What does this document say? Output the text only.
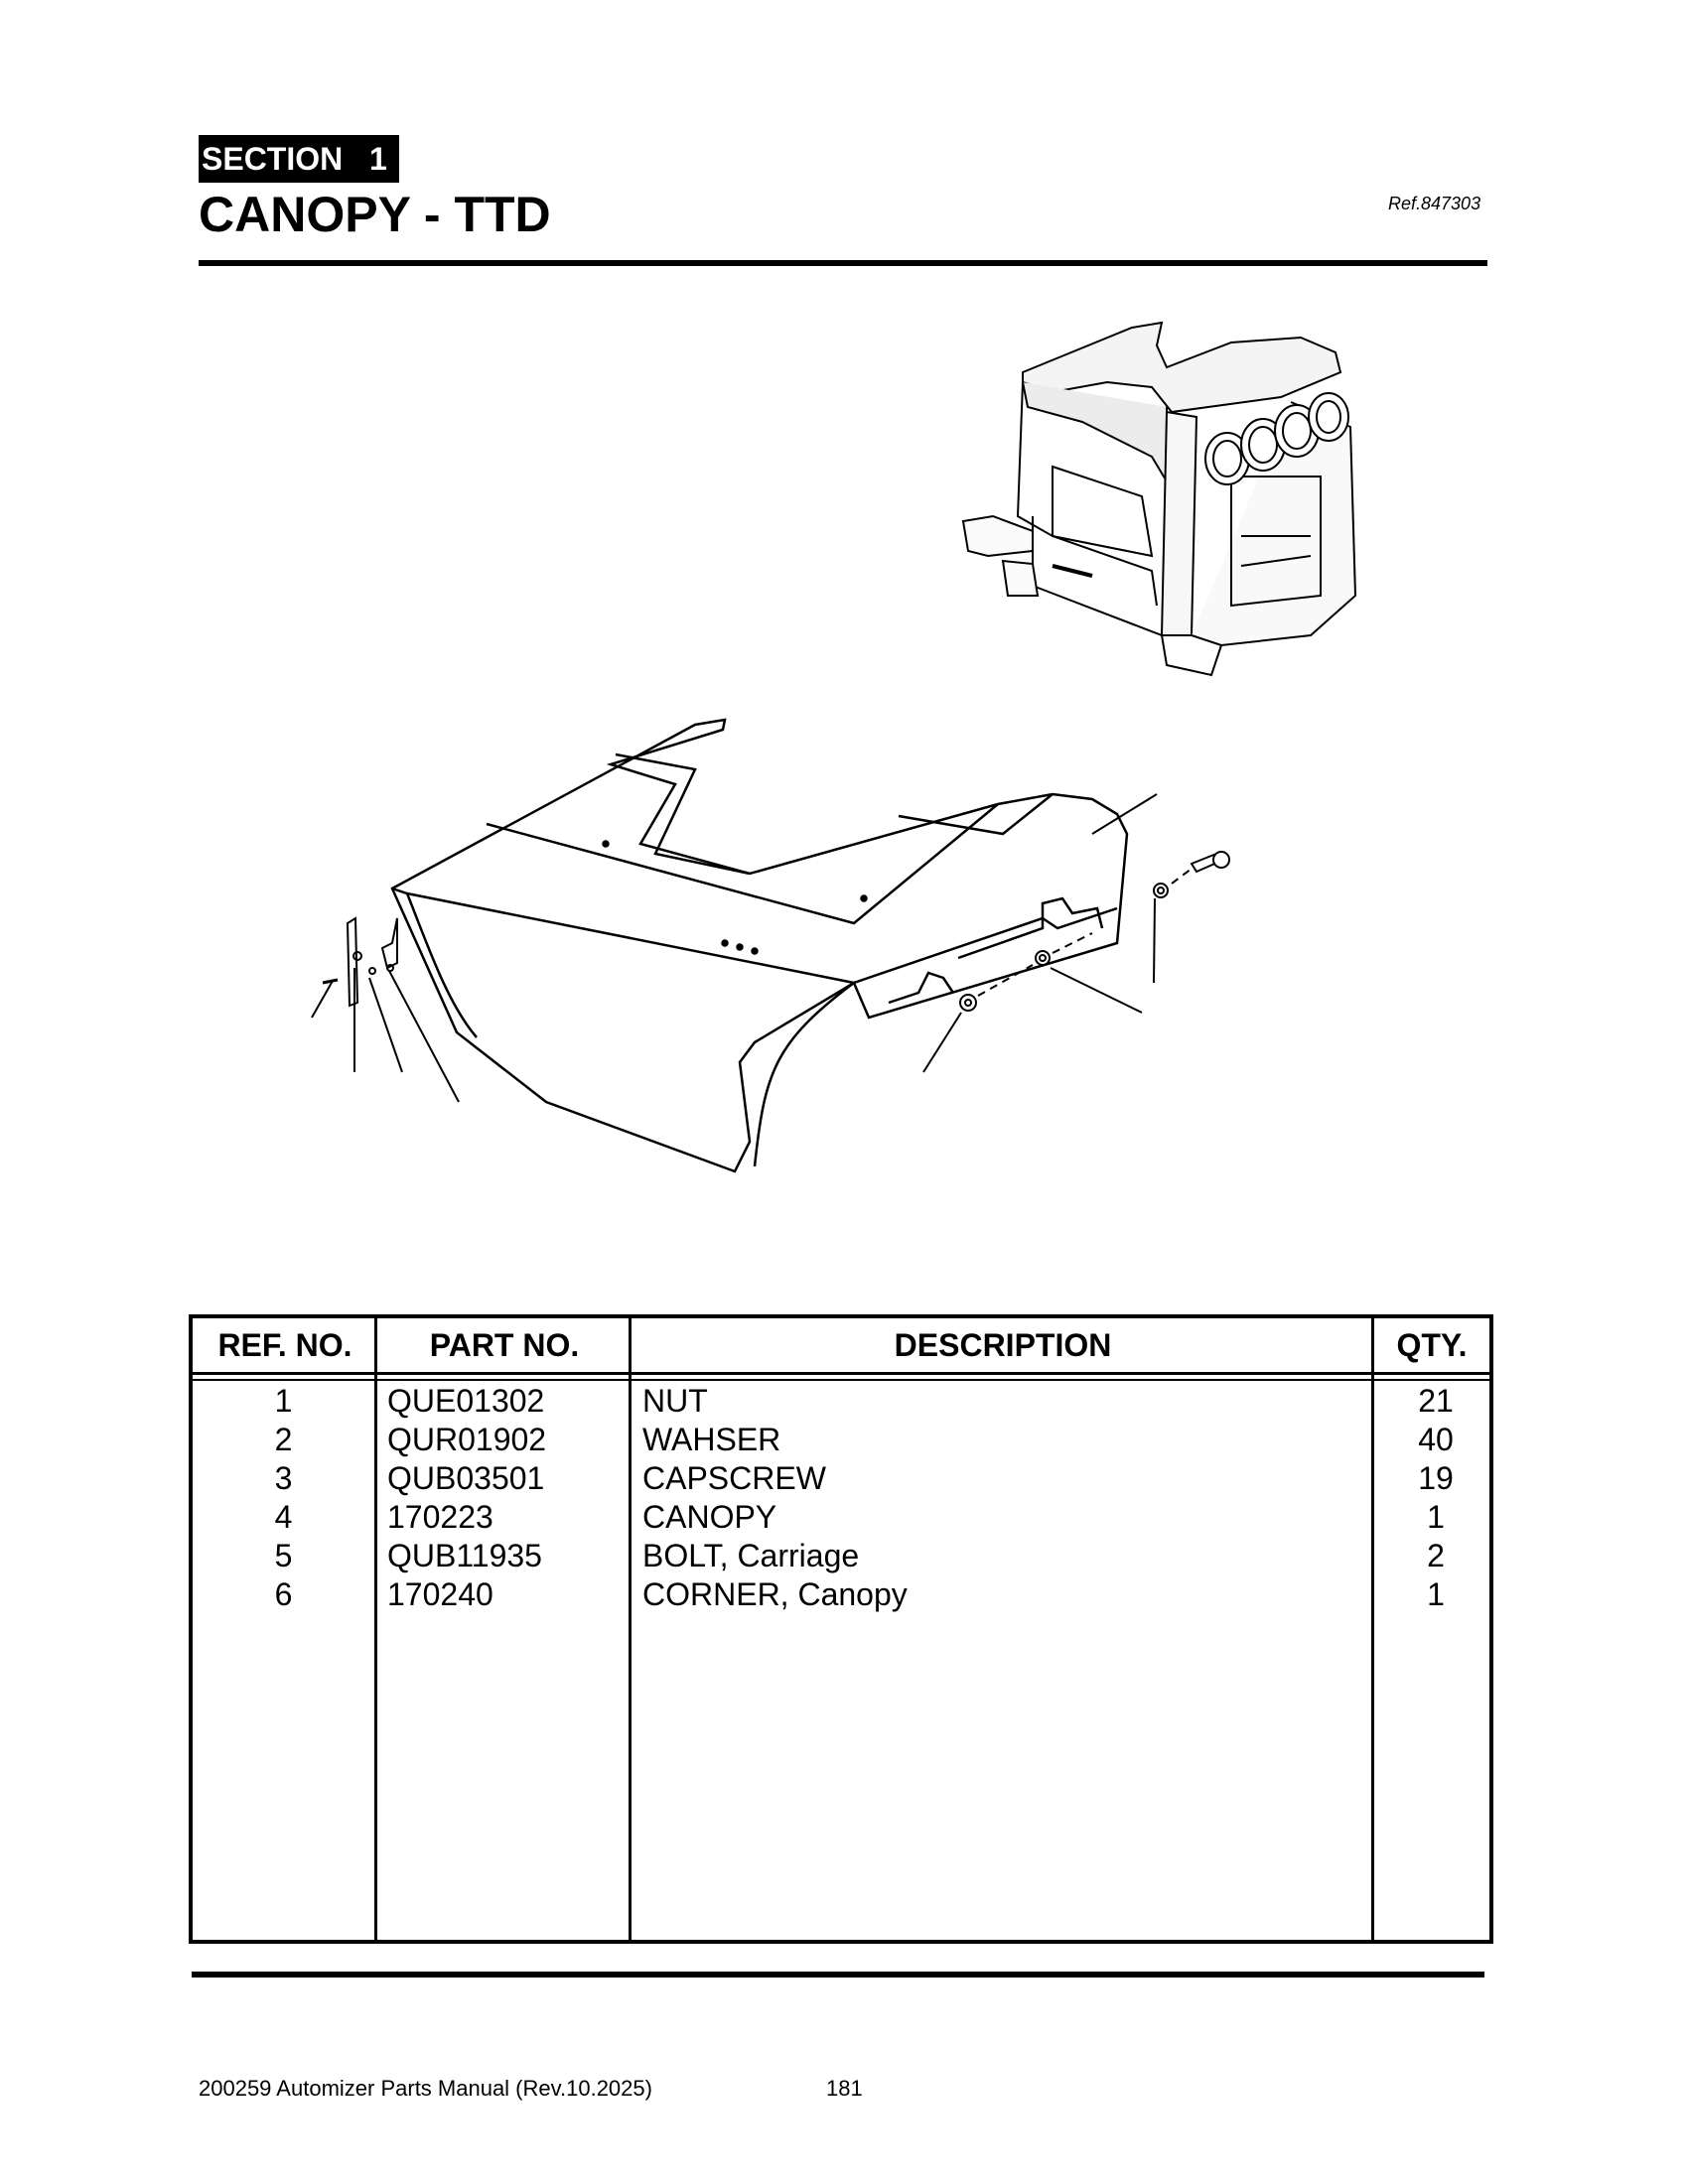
SECTION 1
CANOPY - TTD	Ref.847303
REF. NO.	PART NO.	DESCRIPTION	QTY.
1	QUE01302	NUT	21
2	QUR01902	WAHSER	40
3	QUB03501	CAPSCREW	19
4	170223	CANOPY	1
5	QUB11935	BOLT, Carriage	2
6	170240	CORNER, Canopy	1
200259 Automizer Parts Manual (Rev.10.2025)	181
